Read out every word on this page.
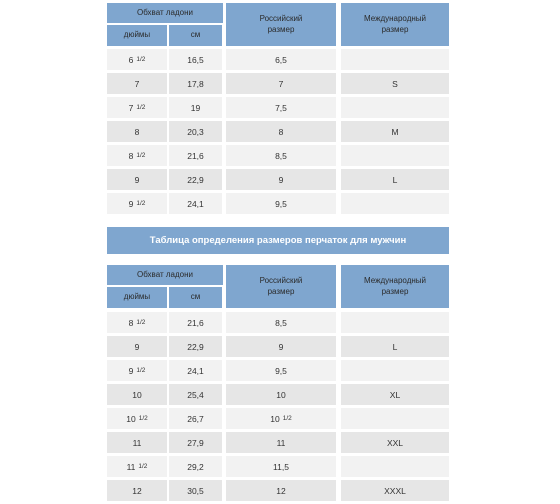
Обхват ладони
дюймы	см
Российский размер
Международный размер
6 1/2	16,5	6,5
7	17,8	7	S
7 1/2	19	7,5
8	20,3	8	M
8 1/2	21,6	8,5
9	22,9	9	L
9 1/2	24,1	9,5
Обхват ладони
дюймы	см
Российский размер
Международный размер
8 1/2	21,6	8,5
9	22,9	9	L
9 1/2	24,1	9,5
10	25,4	10	XL
10 1/2	26,7	10 1/2
11	27,9	11	XXL
11 1/2	29,2	11,5
12	30,5	12	XXXL
Таблица определения размеров перчаток для мужчин
